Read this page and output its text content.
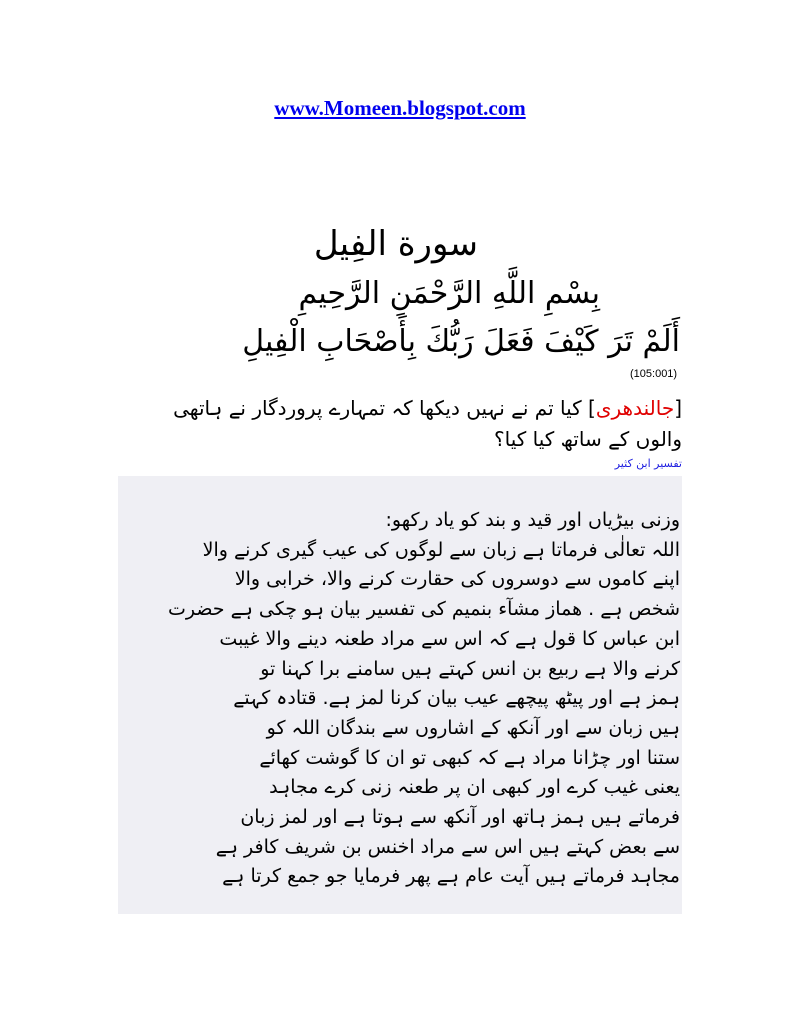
www.Momeen.blogspot.com
سورة الفِيل
بِسْمِ اللَّهِ الرَّحْمَنِ الرَّحِيمِ
أَلَمْ تَرَ كَيْفَ فَعَلَ رَبُّكَ بِأَصْحَابِ الْفِيلِ
(105:001)
[جالندھری] کیا تم نے نہیں دیکھا کہ تمہارے پروردگار نے ہاتھی والوں کے ساتھ کیا کیا؟
تفسیر ابن کثیر
وزنی بیڑیاں اور قید و بند کو یاد رکھو:
اللہ تعالٰی فرماتا ہے زبان سے لوگوں کی عیب گیری کرنے والا
اپنے کاموں سے دوسروں کی حقارت کرنے والا، خرابی والا
شخص ہے . ھماز مشآء بنمیم کی تفسیر بیان ہو چکی ہے حضرت
ابن عباس کا قول ہے کہ اس سے مراد طعنہ دینے والا غیبت
کرنے والا ہے ربیع بن انس کہتے ہیں سامنے برا کہنا تو
ہمز ہے اور پیٹھ پیچھے عیب بیان کرنا لمز ہے. قتادہ کہتے
ہیں زبان سے اور آنکھ کے اشاروں سے بندگان اللہ کو
ستنا اور چڑانا مراد ہے کہ کبھی تو ان کا گوشت کھائے
یعنی غیب کرے اور کبھی ان پر طعنہ زنی کرے مجاہد
فرماتے ہیں ہمز ہاتھ اور آنکھ سے ہوتا ہے اور لمز زبان
سے بعض کہتے ہیں اس سے مراد اخنس بن شریف کافر ہے
مجاہد فرماتے ہیں آیت عام ہے پھر فرمایا جو جمع کرتا ہے
